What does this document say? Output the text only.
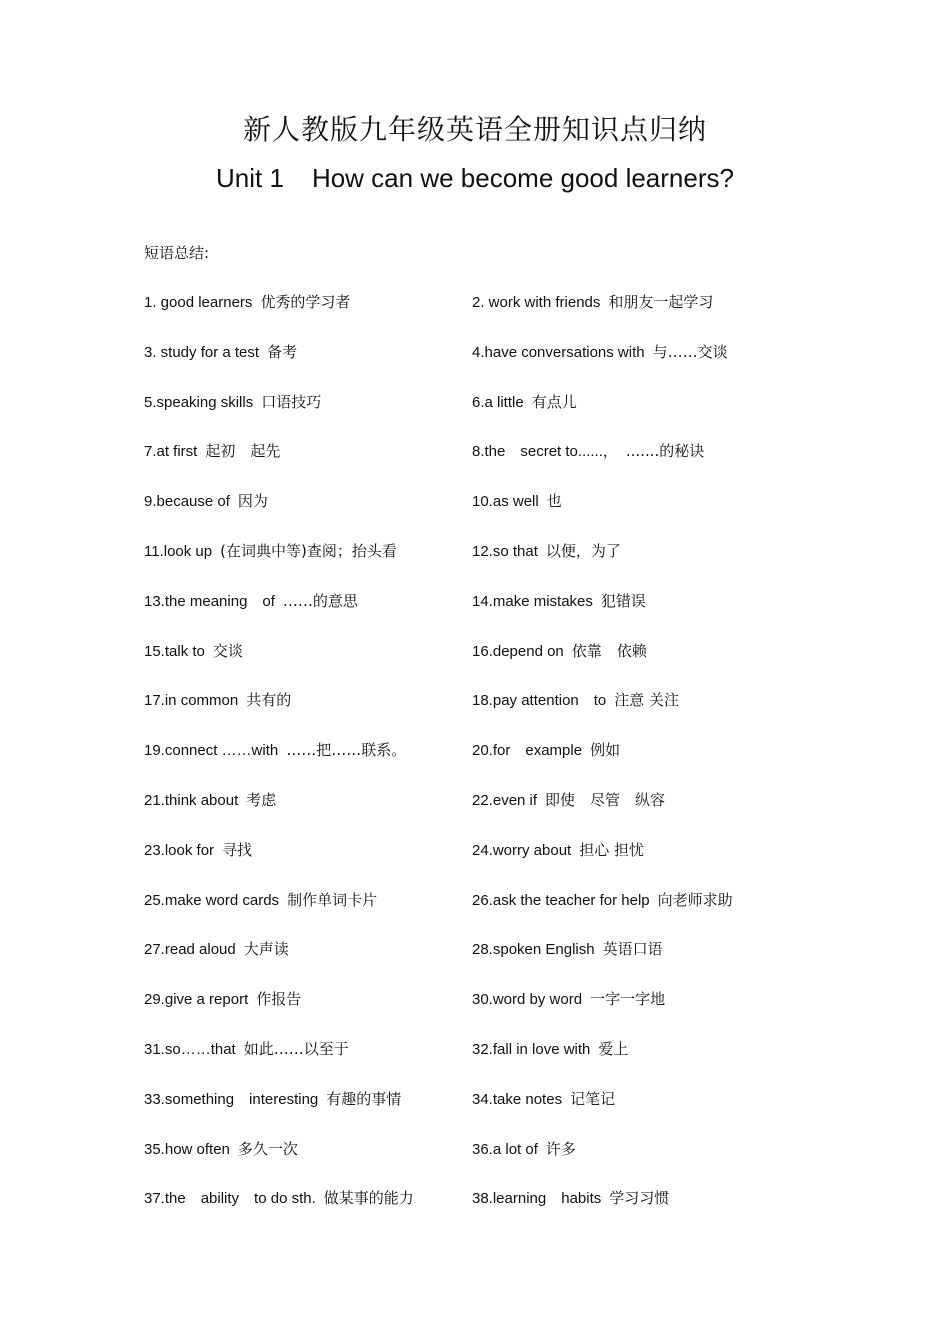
新人教版九年级英语全册知识点归纳
Unit 1 How can we become good learners?
短语总结:
1. good learners 优秀的学习者	2. work with friends 和朋友一起学习
3. study for a test 备考	4.have conversations with 与……交谈
5.speaking skills 口语技巧	6.a little 有点儿
7.at first 起初　起先	8.the　secret to......， .......的秘诀
9.because of 因为	10.as well 也
11.look up (在词典中等)查阅；抬头看	12.so that 以便，为了
13.the meaning　of ……的意思	14.make mistakes 犯错误
15.talk to 交谈	16.depend on 依靠　依赖
17.in common 共有的	18.pay attention　to 注意 关注
19.connect ……with ……把……联系。	20.for　example 例如
21.think about 考虑	22.even if 即使　尽管　纵容
23.look for 寻找	24.worry about 担心 担忧
25.make word cards 制作单词卡片	26.ask the teacher for help 向老师求助
27.read aloud 大声读	28.spoken English 英语口语
29.give a report 作报告	30.word by word 一字一字地
31.so……that 如此……以至于	32.fall in love with 爱上
33.something　interesting 有趣的事情	34.take notes 记笔记
35.how often 多久一次	36.a lot of 许多
37.the　ability　to do sth. 做某事的能力	38.learning　habits 学习习惯
